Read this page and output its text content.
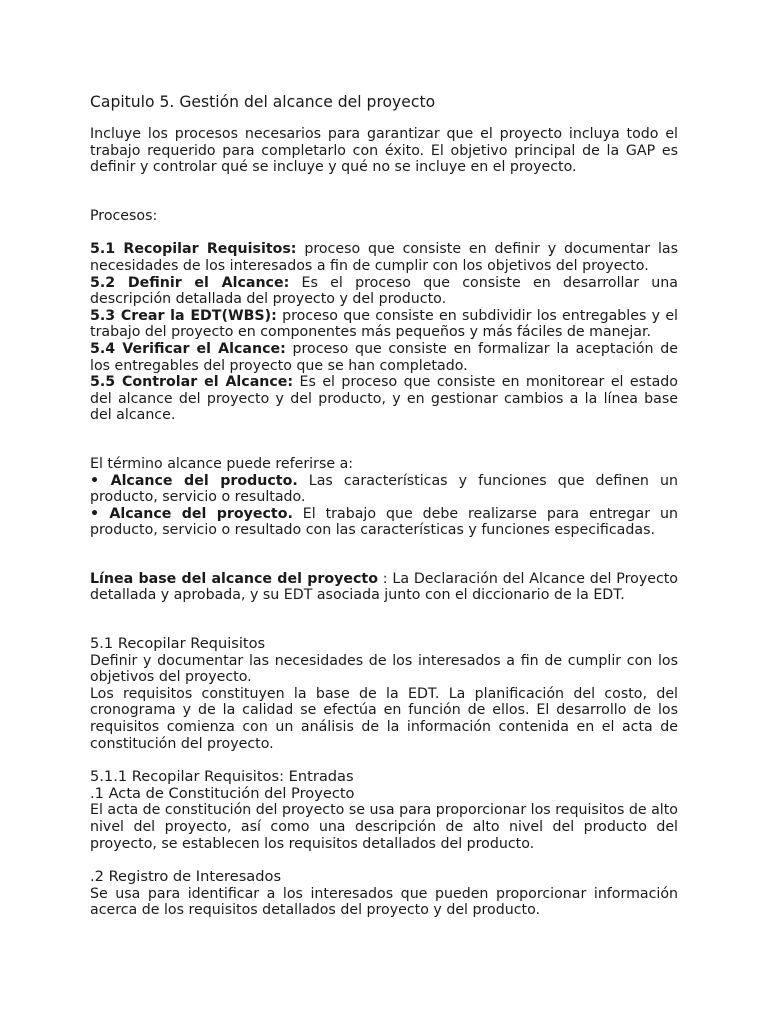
Capitulo 5. Gestión del alcance del proyecto

Incluye los procesos necesarios para garantizar que el proyecto incluya todo el trabajo requerido para completarlo con éxito. El objetivo principal de la GAP es definir y controlar qué se incluye y qué no se incluye en el proyecto.

Procesos:

5.1 Recopilar Requisitos: proceso que consiste en definir y documentar las necesidades de los interesados a fin de cumplir con los objetivos del proyecto.

5.2 Definir el Alcance: Es el proceso que consiste en desarrollar una descripción detallada del proyecto y del producto.

5.3 Crear la EDT(WBS): proceso que consiste en subdividir los entregables y el trabajo del proyecto en componentes más pequeños y más fáciles de manejar.

5.4 Verificar el Alcance: proceso que consiste en formalizar la aceptación de los entregables del proyecto que se han completado.

5.5 Controlar el Alcance: Es el proceso que consiste en monitorear el estado del alcance del proyecto y del producto, y en gestionar cambios a la línea base del alcance.

El término alcance puede referirse a:

• Alcance del producto. Las características y funciones que definen un producto, servicio o resultado.

• Alcance del proyecto. El trabajo que debe realizarse para entregar un producto, servicio o resultado con las características y funciones especificadas.

Línea base del alcance del proyecto : La Declaración del Alcance del Proyecto detallada y aprobada, y su EDT asociada junto con el diccionario de la EDT.

5.1 Recopilar Requisitos

Definir y documentar las necesidades de los interesados a fin de cumplir con los objetivos del proyecto.

Los requisitos constituyen la base de la EDT. La planificación del costo, del cronograma y de la calidad se efectúa en función de ellos. El desarrollo de los requisitos comienza con un análisis de la información contenida en el acta de constitución del proyecto.

5.1.1 Recopilar Requisitos: Entradas

.1 Acta de Constitución del Proyecto

El acta de constitución del proyecto se usa para proporcionar los requisitos de alto nivel del proyecto, así como una descripción de alto nivel del producto del proyecto, se establecen los requisitos detallados del producto.

.2 Registro de Interesados

Se usa para identificar a los interesados que pueden proporcionar información acerca de los requisitos detallados del proyecto y del producto.
